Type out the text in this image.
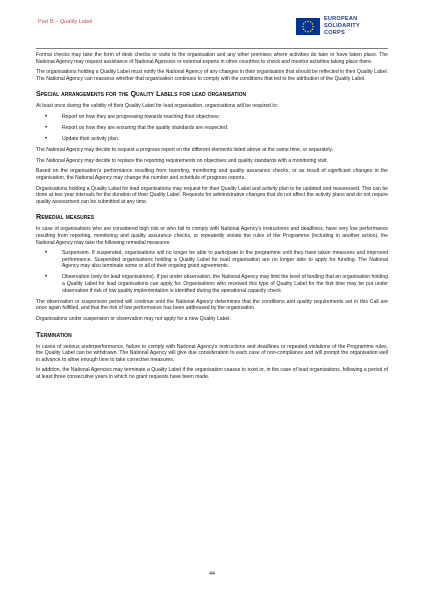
Part B – Quality Label	EUROPEAN
SOLIDARITY
CORPS

Formal checks may take the form of desk checks or visits to the organisation and any other premises where activities do take or have taken place. The National Agency may request assistance of National Agencies or external experts in other countries to check and monitor activities taking place there.

The organisations holding a Quality Label must notify the National Agency of any changes in their organisation that should be reflected in their Quality Label. The National Agency can reassess whether that organisation continues to comply with the conditions that led to the attribution of the Quality Label.

Special arrangements for the Quality Labels for lead organisation

At least once during the validity of their Quality Label for lead organisation, organisations will be required to:

• Report on how they are progressing towards reaching their objectives;
• Report on how they are ensuring that the quality standards are respected;
• Update their activity plan.

The National Agency may decide to request a progress report on the different elements listed above at the same time, or separately.

The National Agency may decide to replace the reporting requirements on objectives and quality standards with a monitoring visit.

Based on the organisation's performance resulting from reporting, monitoring and quality assurance checks, or as result of significant changes in the organisation, the National Agency may change the number and schedule of progress reports.

Organisations holding a Quality Label for lead organisations may request for their Quality Label and activity plan to be updated and reassessed. This can be done at two year intervals for the duration of their Quality Label. Requests for administrative changes that do not affect the activity plans and do not require quality assessment can be submitted at any time.

Remedial measures

In case of organisations who are considered high risk or who fail to comply with National Agency's instructions and deadlines, have very low performance resulting from reporting, monitoring and quality assurance checks, or repeatedly violate the rules of the Programme (including in another action), the National Agency may take the following remedial measures:

• Suspension. If suspended, organisations will no longer be able to participate in the programme until they have taken measures and improved performance. Suspended organisations holding a Quality Label for lead organisation are no longer able to apply for funding. The National Agency may also terminate some or all of their ongoing grant agreements.
• Observation (only for lead organisations). If put under observation, the National Agency may limit the level of funding that an organisation holding a Quality Label for lead organisations can apply for. Organisations who received this type of Quality Label for the first time may be put under observation if risk of low quality implementation is identified during the operational capacity check.

The observation or suspension period will continue until the National Agency determines that the conditions and quality requirements set in this Call are once again fulfilled, and that the risk of low performance has been addressed by the organisation.

Organisations under suspension or observation may not apply for a new Quality Label.

Termination

In cases of serious underperformance, failure to comply with National Agency's instructions and deadlines or repeated violations of the Programme rules, the Quality Label can be withdrawn. The National Agency will give due consideration to each case of non-compliance and will prompt the organisation well in advance to allow enough time to take corrective measures.

In addition, the National Agencies may terminate a Quality Label if the organisation ceases to exist or, in the case of lead organisations, following a period of at least three consecutive years in which no grant requests have been made.

44
